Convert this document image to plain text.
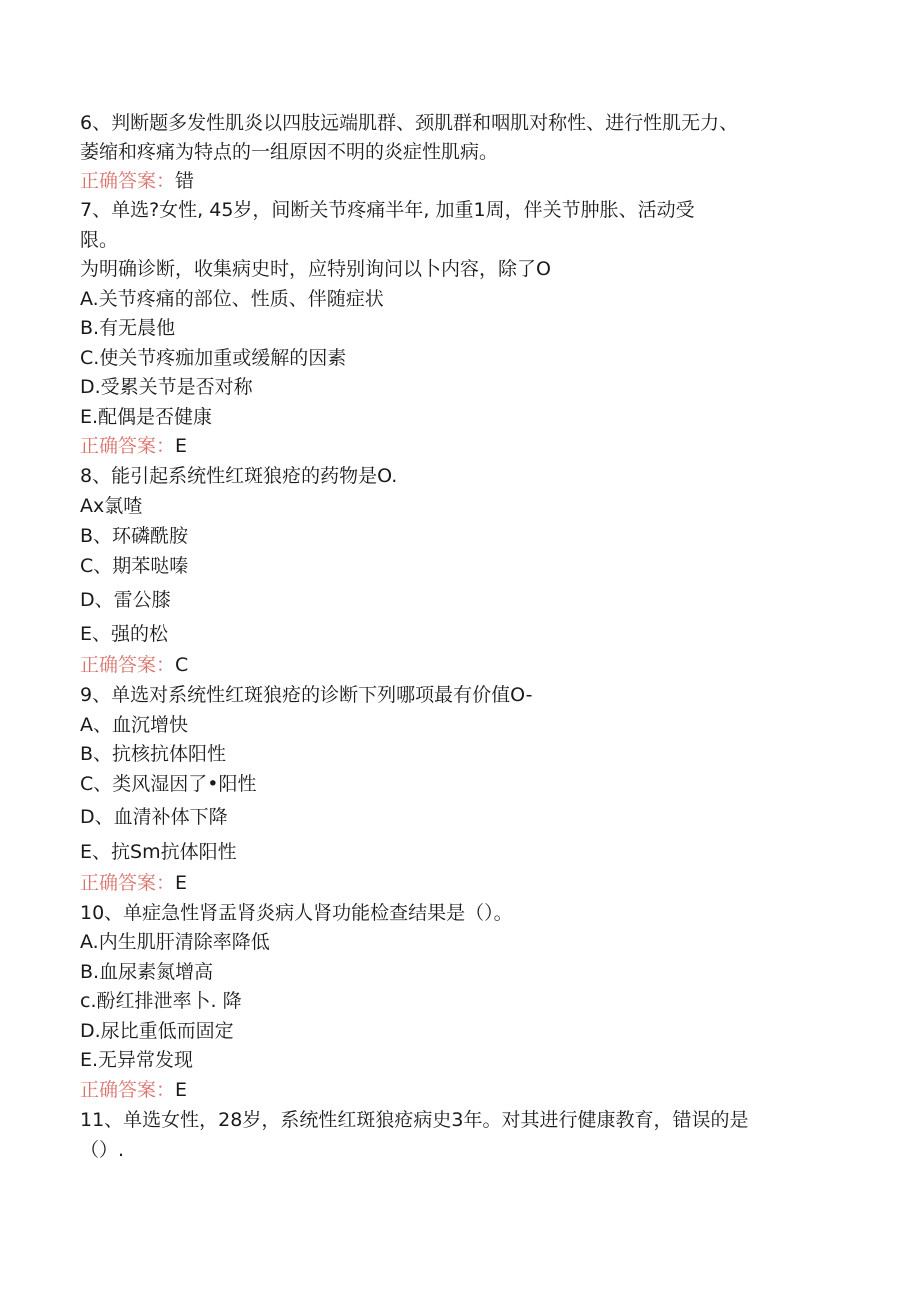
6、判断题多发性肌炎以四肢远端肌群、颈肌群和咽肌对称性、进行性肌无力、
萎缩和疼痛为特点的一组原因不明的炎症性肌病。
正确答案：错
7、单选?女性, 45岁，间断关节疼痛半年, 加重1周，伴关节肿胀、活动受
限。
为明确诊断，收集病史时，应特别询问以卜内容，除了O
A.关节疼痛的部位、性质、伴随症状
B.有无晨他
C.使关节疼痂加重或缓解的因素
D.受累关节是否对称
E.配偶是否健康
正确答案：E
8、能引起系统性红斑狼疮的药物是O.
Ax氯喳
B、环磷酰胺
C、期苯哒嗪
D、雷公膝
E、强的松
正确答案：C
9、单选对系统性红斑狼疮的诊断下列哪项最有价值O-
A、血沉增快
B、抗核抗体阳性
C、类风湿因了•阳性
D、血清补体下降
E、抗Sm抗体阳性
正确答案：E
10、单症急性肾盂肾炎病人肾功能检查结果是（）。
A.内生肌肝清除率降低
B.血尿素氮增高
c.酚红排泄率卜. 降
D.尿比重低而固定
E.无异常发现
正确答案：E
11、单选女性，28岁，系统性红斑狼疮病史3年。对其进行健康教育，错误的是
（）.
